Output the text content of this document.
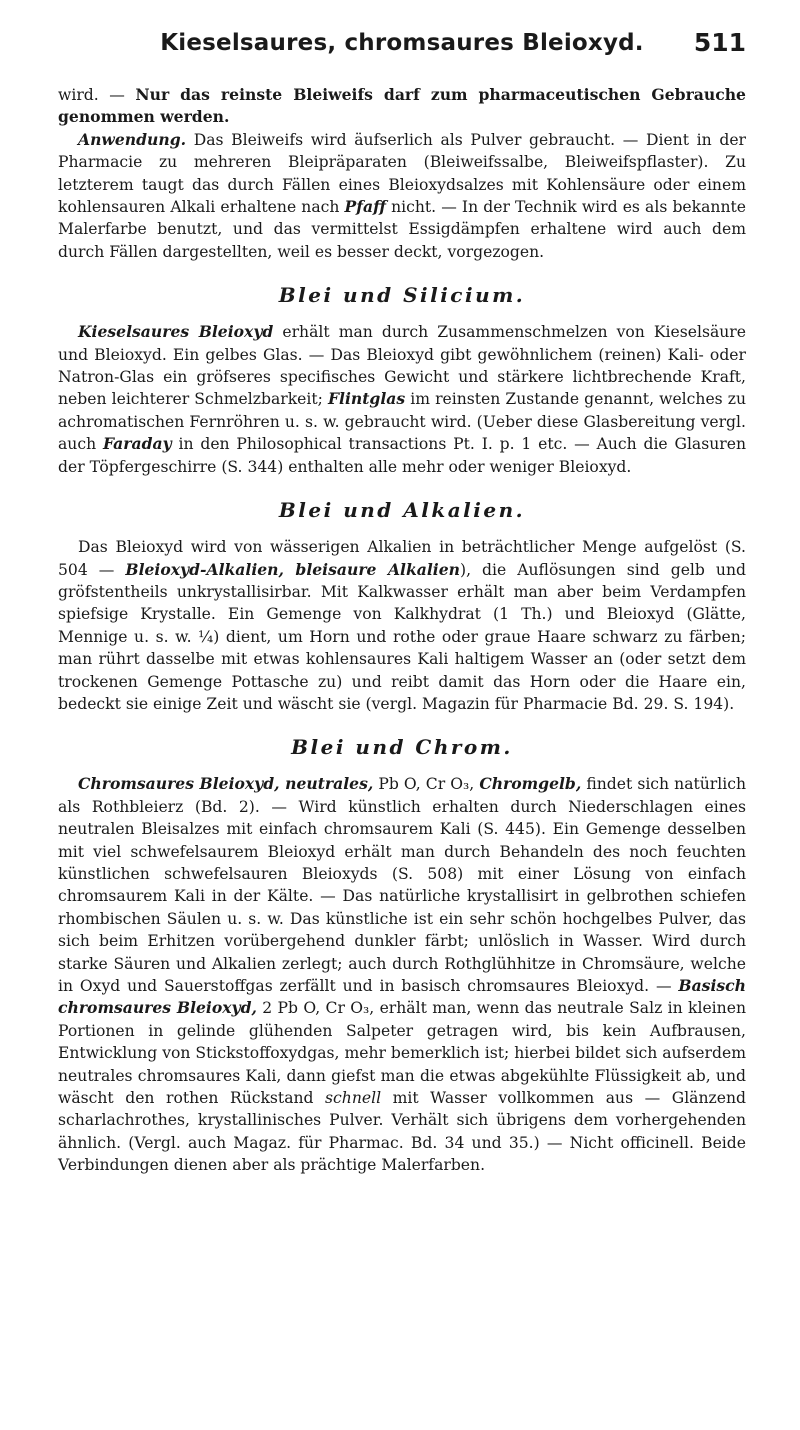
Kieselsaures, chromsaures Bleioxyd.	511

wird. — Nur das reinste Bleiweifs darf zum pharmaceutischen Gebrauche genommen werden.

Anwendung. Das Bleiweifs wird äufserlich als Pulver gebraucht. — Dient in der Pharmacie zu mehreren Bleipräparaten (Bleiweifssalbe, Bleiweifspflaster). Zu letzterem taugt das durch Fällen eines Bleioxydsalzes mit Kohlensäure oder einem kohlensauren Alkali erhaltene nach Pfaff nicht. — In der Technik wird es als bekannte Malerfarbe benutzt, und das vermittelst Essigdämpfen erhaltene wird auch dem durch Fällen dargestellten, weil es besser deckt, vorgezogen.

Blei und Silicium.

Kieselsaures Bleioxyd erhält man durch Zusammenschmelzen von Kieselsäure und Bleioxyd. Ein gelbes Glas. — Das Bleioxyd gibt gewöhnlichem (reinen) Kali- oder Natron-Glas ein gröfseres specifisches Gewicht und stärkere lichtbrechende Kraft, neben leichterer Schmelzbarkeit; Flintglas im reinsten Zustande genannt, welches zu achromatischen Fernröhren u. s. w. gebraucht wird. (Ueber diese Glasbereitung vergl. auch Faraday in den Philosophical transactions Pt. I. p. 1 etc. — Auch die Glasuren der Töpfergeschirre (S. 344) enthalten alle mehr oder weniger Bleioxyd.

Blei und Alkalien.

Das Bleioxyd wird von wässerigen Alkalien in beträchtlicher Menge aufgelöst (S. 504 — Bleioxyd-Alkalien, bleisaure Alkalien), die Auflösungen sind gelb und gröfstentheils unkrystallisirbar. Mit Kalkwasser erhält man aber beim Verdampfen spiefsige Krystalle. Ein Gemenge von Kalkhydrat (1 Th.) und Bleioxyd (Glätte, Mennige u. s. w. ¼) dient, um Horn und rothe oder graue Haare schwarz zu färben; man rührt dasselbe mit etwas kohlensaures Kali haltigem Wasser an (oder setzt dem trockenen Gemenge Pottasche zu) und reibt damit das Horn oder die Haare ein, bedeckt sie einige Zeit und wäscht sie (vergl. Magazin für Pharmacie Bd. 29. S. 194).

Blei und Chrom.

Chromsaures Bleioxyd, neutrales, Pb O, Cr O₃, Chromgelb, findet sich natürlich als Rothbleierz (Bd. 2). — Wird künstlich erhalten durch Niederschlagen eines neutralen Bleisalzes mit einfach chromsaurem Kali (S. 445). Ein Gemenge desselben mit viel schwefelsaurem Bleioxyd erhält man durch Behandeln des noch feuchten künstlichen schwefelsauren Bleioxyds (S. 508) mit einer Lösung von einfach chromsaurem Kali in der Kälte. — Das natürliche krystallisirt in gelbrothen schiefen rhombischen Säulen u. s. w. Das künstliche ist ein sehr schön hochgelbes Pulver, das sich beim Erhitzen vorübergehend dunkler färbt; unlöslich in Wasser. Wird durch starke Säuren und Alkalien zerlegt; auch durch Rothglühhitze in Chromsäure, welche in Oxyd und Sauerstoffgas zerfällt und in basisch chromsaures Bleioxyd. — Basisch chromsaures Bleioxyd, 2 Pb O, Cr O₃, erhält man, wenn das neutrale Salz in kleinen Portionen in gelinde glühenden Salpeter getragen wird, bis kein Aufbrausen, Entwicklung von Stickstoffoxydgas, mehr bemerklich ist; hierbei bildet sich aufserdem neutrales chromsaures Kali, dann giefst man die etwas abgekühlte Flüssigkeit ab, und wäscht den rothen Rückstand schnell mit Wasser vollkommen aus — Glänzend scharlachrothes, krystallinisches Pulver. Verhält sich übrigens dem vorhergehenden ähnlich. (Vergl. auch Magaz. für Pharmac. Bd. 34 und 35.) — Nicht officinell. Beide Verbindungen dienen aber als prächtige Malerfarben.
